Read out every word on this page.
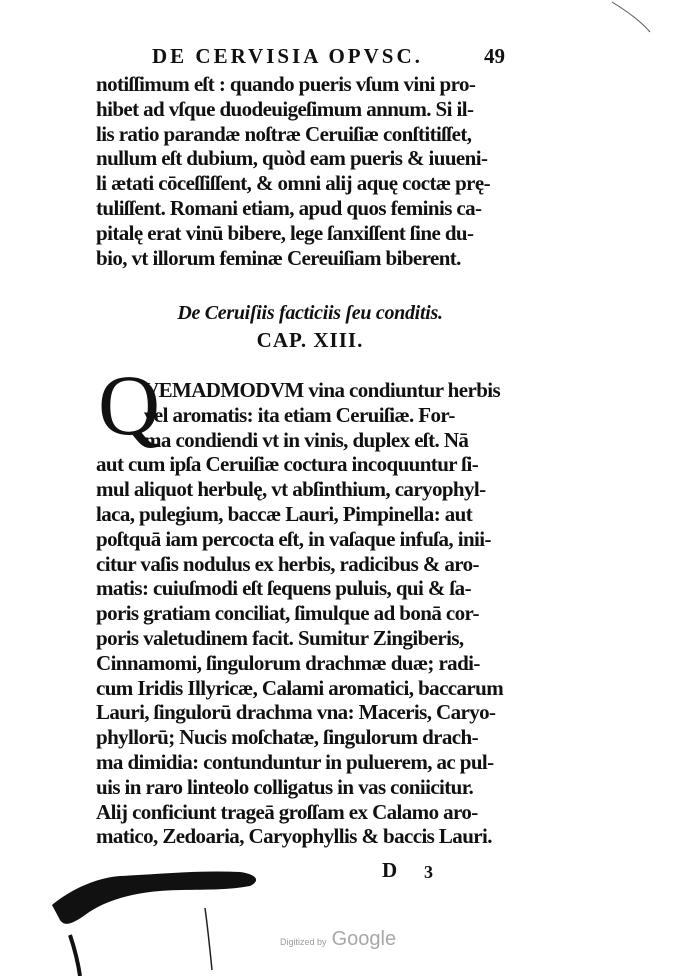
DE CERVISIA OPVSC.	49
notiſſimum eſt : quando pueris vſum vini pro-
hibet ad vſque duodeuigeſimum annum. Si il-
lis ratio parandæ noſtræ Ceruiſiæ conſtitiſſet,
nullum eſt dubium, quòd eam pueris & iuueni-
li ætati cōceſſiſſent, & omni alij aquę coctæ prę-
tuliſſent. Romani etiam, apud quos feminis ca-
pitalę erat vinū bibere, lege ſanxiſſent ſine du-
bio, vt illorum feminæ Cereuiſiam biberent.
De Ceruiſiis facticiis ſeu conditis.
CAP. XIII.
Q
VEMADMODVM vina condiuntur herbis
vel aromatis: ita etiam Ceruiſiæ. For-
ma condiendi vt in vinis, duplex eſt. Nā
aut cum ipſa Ceruiſiæ coctura incoquuntur ſi-
mul aliquot herbulę, vt abſinthium, caryophyl-
laca, pulegium, baccæ Lauri, Pimpinella: aut
poſtquā iam percocta eſt, in vaſaque infuſa, inii-
citur vaſis nodulus ex herbis, radicibus & aro-
matis: cuiuſmodi eſt ſequens puluis, qui & ſa-
poris gratiam conciliat, ſimulque ad bonā cor-
poris valetudinem facit. Sumitur Zingiberis,
Cinnamomi, ſingulorum drachmæ duæ; radi-
cum Iridis Illyricæ, Calami aromatici, baccarum
Lauri, ſingulorū drachma vna: Maceris, Caryo-
phyllorū; Nucis moſchatæ, ſingulorum drach-
ma dimidia: contunduntur in puluerem, ac pul-
uis in raro linteolo colligatus in vas coniicitur.
Alij conficiunt trageā groſſam ex Calamo aro-
matico, Zedoaria, Caryophyllis & baccis Lauri.
D 3
Digitized by Google
